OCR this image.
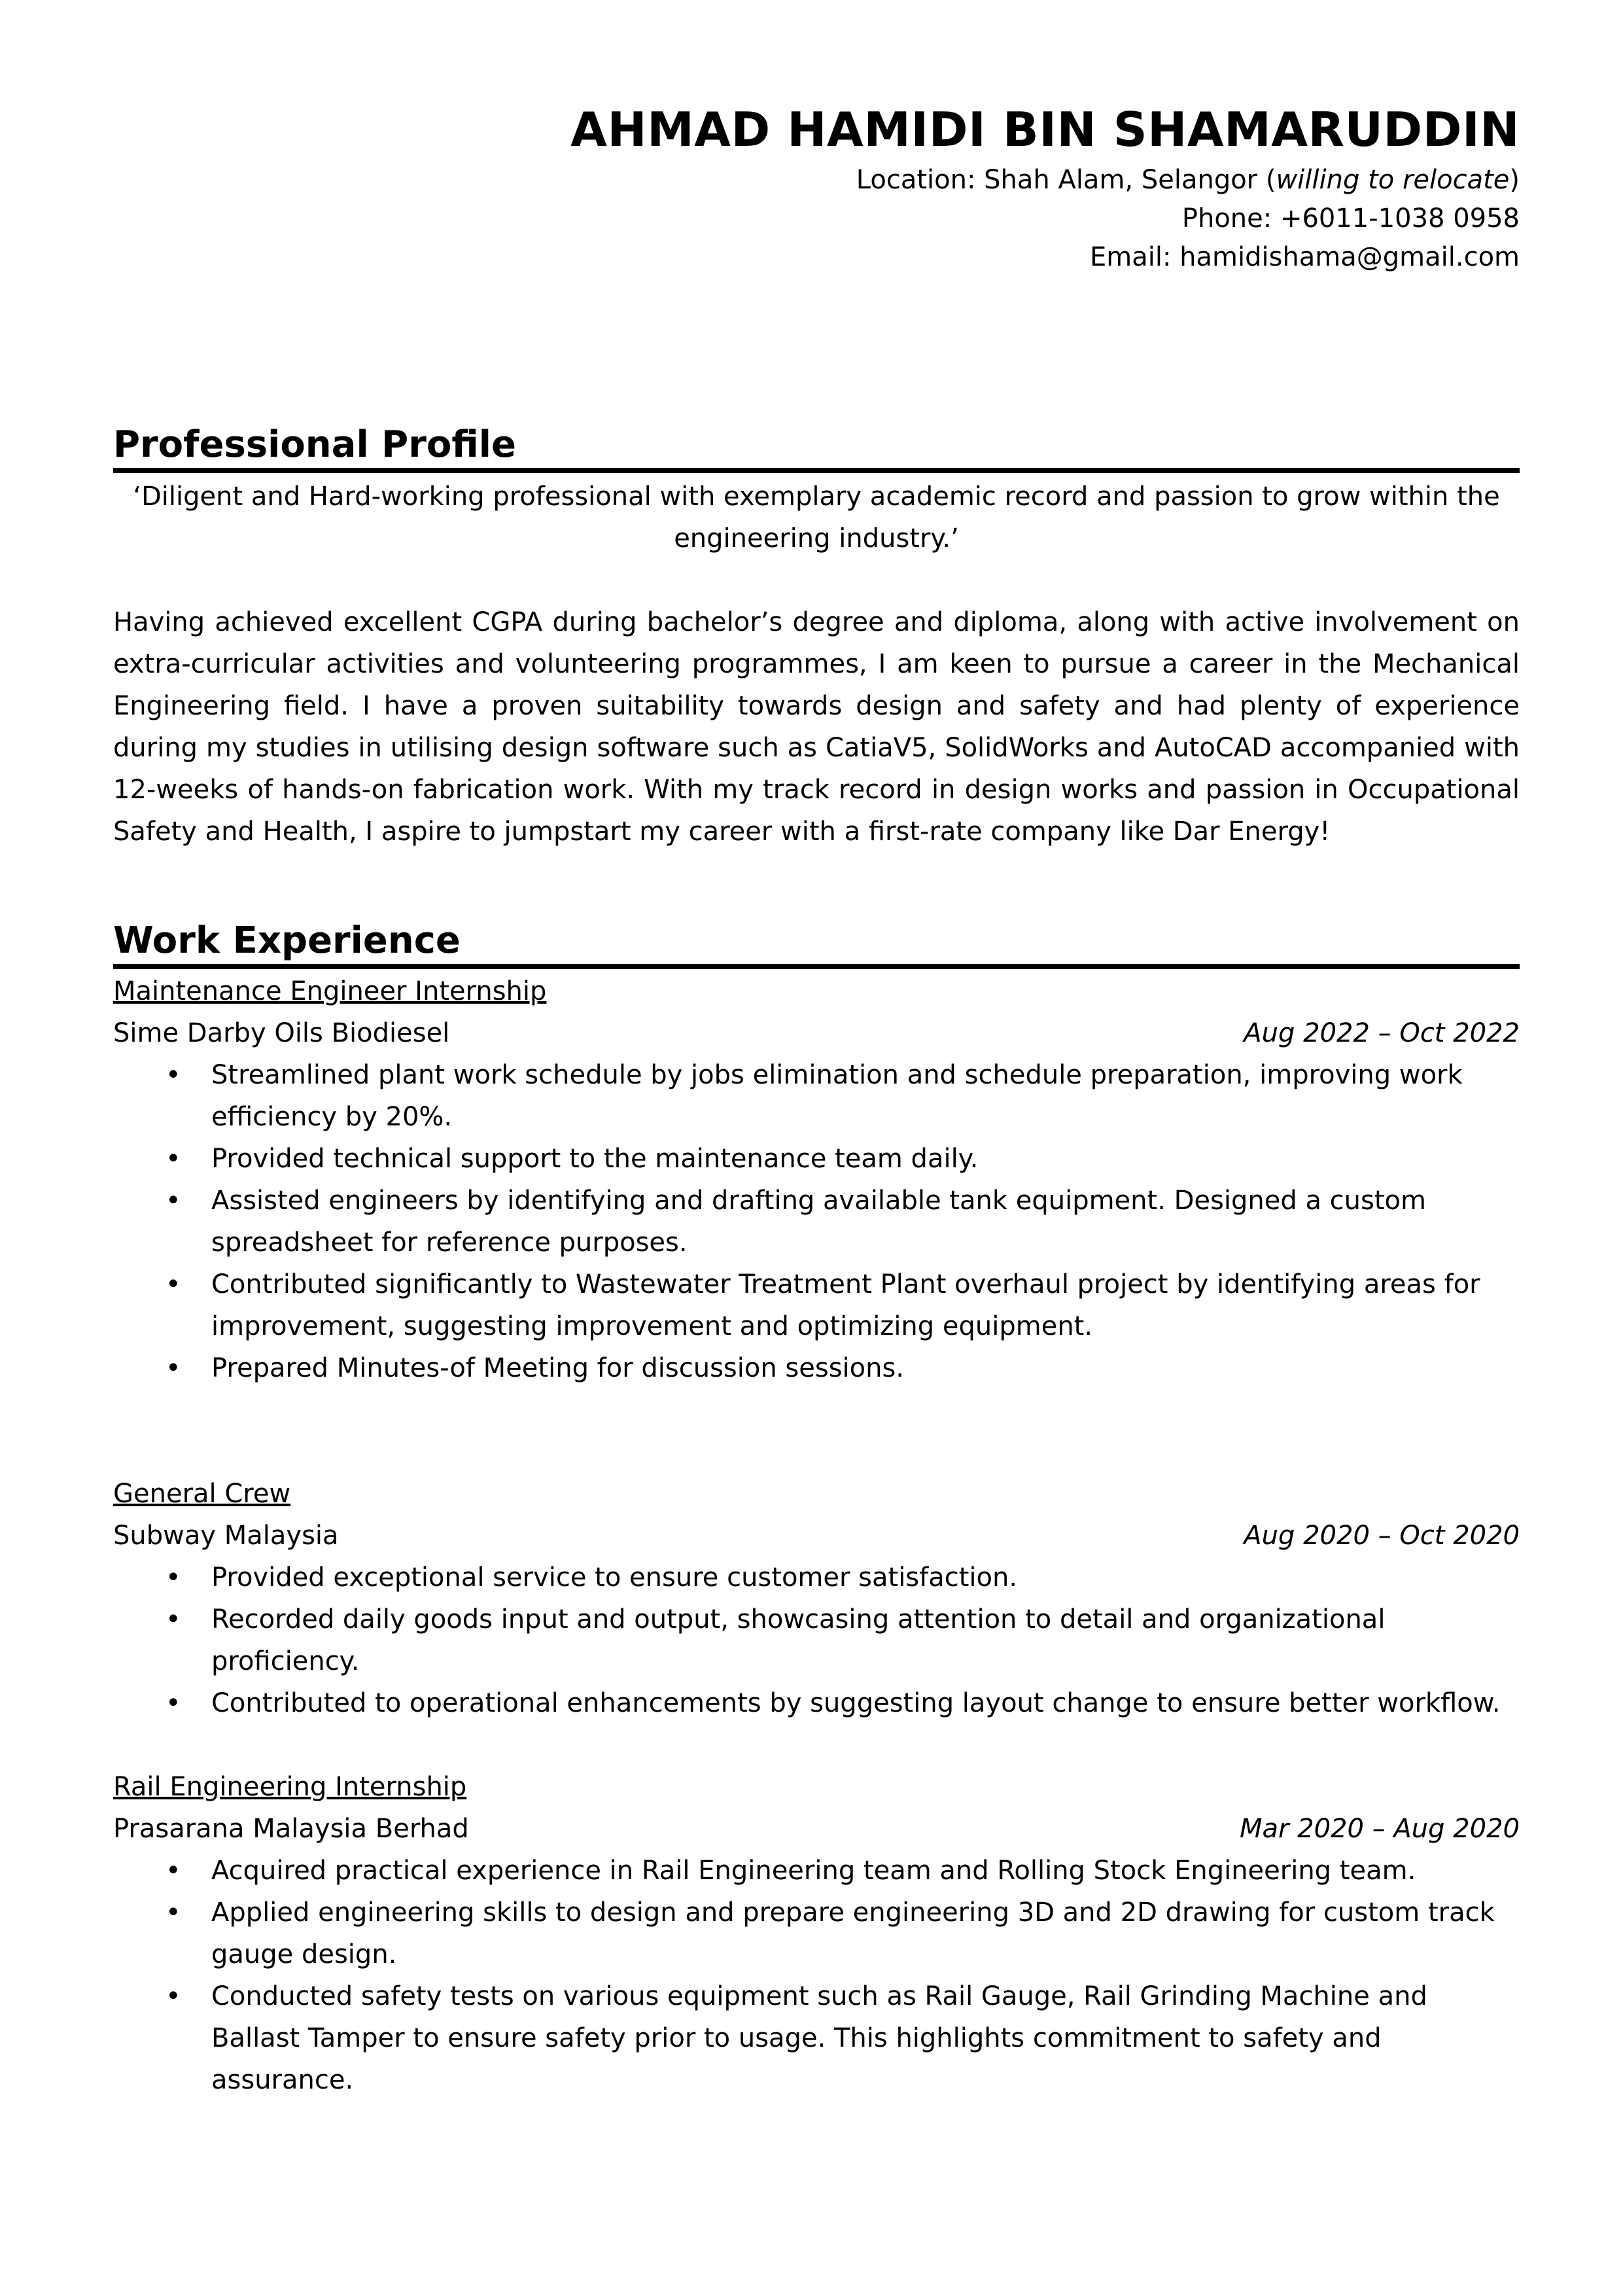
AHMAD HAMIDI BIN SHAMARUDDIN
Location: Shah Alam, Selangor (willing to relocate)
Phone: +6011-1038 0958
Email: hamidishama@gmail.com
Professional Profile
‘Diligent and Hard-working professional with exemplary academic record and passion to grow within the engineering industry.’
Having achieved excellent CGPA during bachelor’s degree and diploma, along with active involvement on extra-curricular activities and volunteering programmes, I am keen to pursue a career in the Mechanical Engineering field. I have a proven suitability towards design and safety and had plenty of experience during my studies in utilising design software such as CatiaV5, SolidWorks and AutoCAD accompanied with 12-weeks of hands-on fabrication work. With my track record in design works and passion in Occupational Safety and Health, I aspire to jumpstart my career with a first-rate company like Dar Energy!
Work Experience
Maintenance Engineer Internship
Sime Darby Oils Biodiesel	Aug 2022 – Oct 2022
• Streamlined plant work schedule by jobs elimination and schedule preparation, improving work efficiency by 20%.
• Provided technical support to the maintenance team daily.
• Assisted engineers by identifying and drafting available tank equipment. Designed a custom spreadsheet for reference purposes.
• Contributed significantly to Wastewater Treatment Plant overhaul project by identifying areas for improvement, suggesting improvement and optimizing equipment.
• Prepared Minutes-of Meeting for discussion sessions.
General Crew
Subway Malaysia	Aug 2020 – Oct 2020
• Provided exceptional service to ensure customer satisfaction.
• Recorded daily goods input and output, showcasing attention to detail and organizational proficiency.
• Contributed to operational enhancements by suggesting layout change to ensure better workflow.
Rail Engineering Internship
Prasarana Malaysia Berhad	Mar 2020 – Aug 2020
• Acquired practical experience in Rail Engineering team and Rolling Stock Engineering team.
• Applied engineering skills to design and prepare engineering 3D and 2D drawing for custom track gauge design.
• Conducted safety tests on various equipment such as Rail Gauge, Rail Grinding Machine and Ballast Tamper to ensure safety prior to usage. This highlights commitment to safety and assurance.
